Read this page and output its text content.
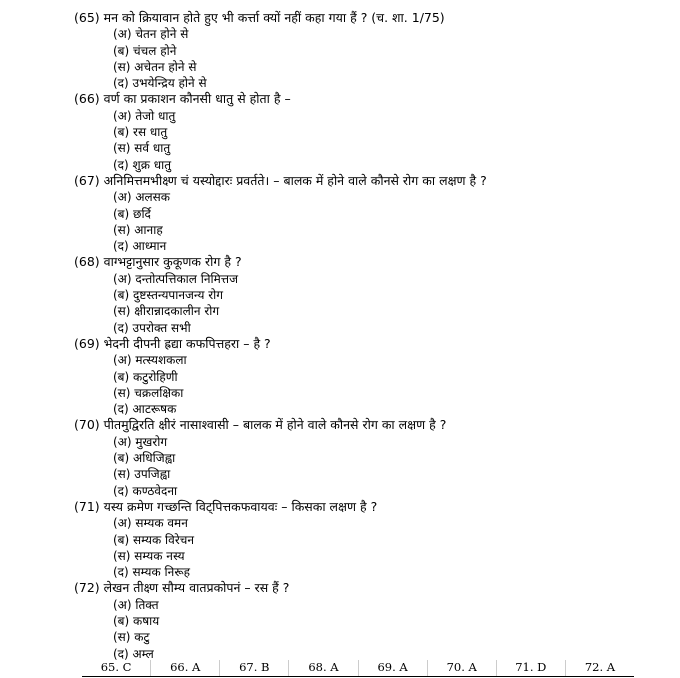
(65) मन को क्रियावान होते हुए भी कर्त्ता क्यों नहीं कहा गया हैं ? (च. शा. 1/75)
(अ) चेतन होने से
(ब) चंचल होने
(स) अचेतन होने से
(द) उभयेन्द्रिय होने से
(66) वर्ण का प्रकाशन कौनसी धातु से होता है –
(अ) तेजो धातु
(ब) रस धातु
(स) सर्व धातु
(द) शुक्र धातु
(67) अनिमित्तमभीक्ष्ण चं यस्योद्दारः प्रवर्तते। – बालक में होने वाले कौनसे रोग का लक्षण है ?
(अ) अलसक
(ब) छर्दि
(स) आनाह
(द) आध्मान
(68) वाग्भट्टानुसार कुकूणक रोग है ?
(अ) दन्तोत्पत्तिकाल निमित्तज
(ब) दुष्टस्तन्यपानजन्य रोग
(स) क्षीरान्नादकालीन रोग
(द) उपरोक्त सभी
(69) भेदनी दीपनी ह्रद्या कफपित्तहरा – है ?
(अ) मत्स्यशकला
(ब) कटुरोहिणी
(स) चक्रलक्षिका
(द) आटरूषक
(70) पीतमुद्विरति क्षीरं नासाश्वासी – बालक में होने वाले कौनसे रोग का लक्षण है ?
(अ) मुखरोग
(ब) अधिजिह्वा
(स) उपजिह्वा
(द) कण्ठवेदना
(71) यस्य क्रमेण गच्छन्ति विट्पित्तकफवायवः – किसका लक्षण है ?
(अ) सम्यक वमन
(ब) सम्यक विरेचन
(स) सम्यक नस्य
(द) सम्यक निरूह
(72) लेखन तीक्ष्ण सौम्य वातप्रकोपनं – रस हैं ?
(अ) तिक्त
(ब) कषाय
(स) कटु
(द) अम्ल
65. C	66. A	67. B	68. A	69. A	70. A	71. D	72. A
